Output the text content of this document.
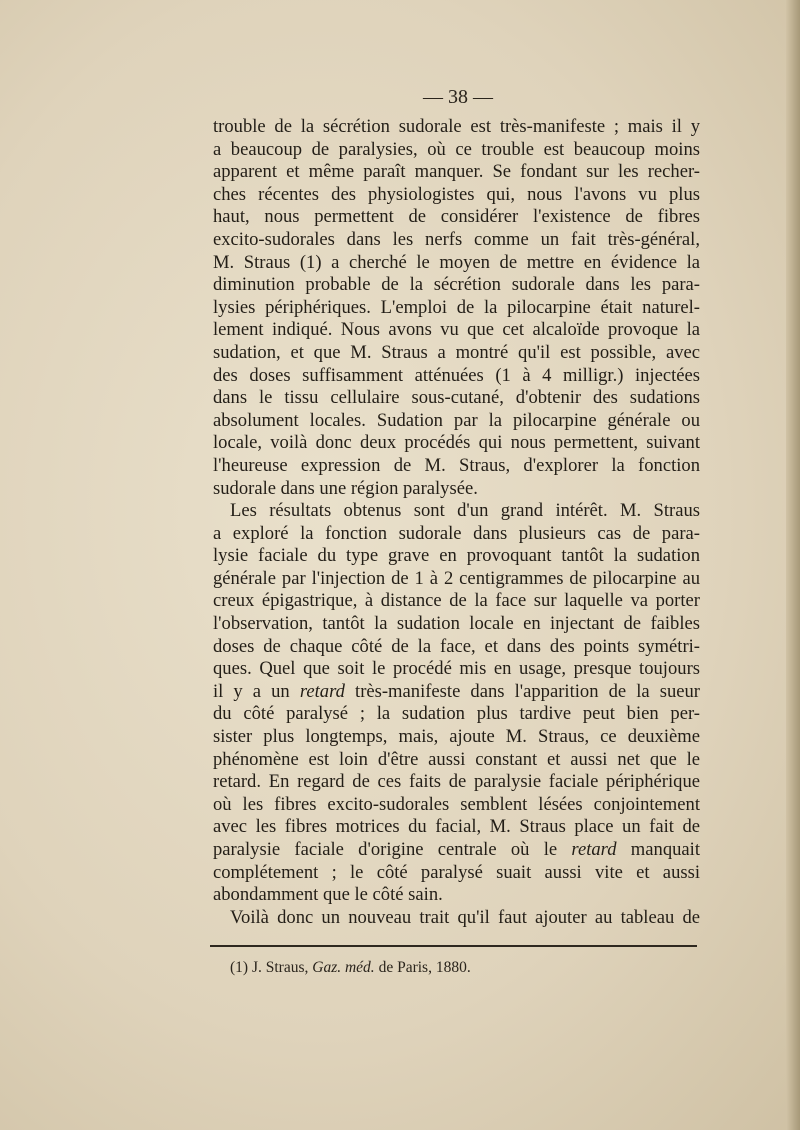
— 38 —
trouble de la sécrétion sudorale est très-manifeste ; mais il y
a beaucoup de paralysies, où ce trouble est beaucoup moins
apparent et même paraît manquer. Se fondant sur les recher-
ches récentes des physiologistes qui, nous l'avons vu plus
haut, nous permettent de considérer l'existence de fibres
excito-sudorales dans les nerfs comme un fait très-général,
M. Straus (1) a cherché le moyen de mettre en évidence la
diminution probable de la sécrétion sudorale dans les para-
lysies périphériques. L'emploi de la pilocarpine était naturel-
lement indiqué. Nous avons vu que cet alcaloïde provoque la
sudation, et que M. Straus a montré qu'il est possible, avec
des doses suffisamment atténuées (1 à 4 milligr.) injectées
dans le tissu cellulaire sous-cutané, d'obtenir des sudations
absolument locales. Sudation par la pilocarpine générale ou
locale, voilà donc deux procédés qui nous permettent, suivant
l'heureuse expression de M. Straus, d'explorer la fonction
sudorale dans une région paralysée.
Les résultats obtenus sont d'un grand intérêt. M. Straus
a exploré la fonction sudorale dans plusieurs cas de para-
lysie faciale du type grave en provoquant tantôt la sudation
générale par l'injection de 1 à 2 centigrammes de pilocarpine au
creux épigastrique, à distance de la face sur laquelle va porter
l'observation, tantôt la sudation locale en injectant de faibles
doses de chaque côté de la face, et dans des points symétri-
ques. Quel que soit le procédé mis en usage, presque toujours
il y a un retard très-manifeste dans l'apparition de la sueur
du côté paralysé ; la sudation plus tardive peut bien per-
sister plus longtemps, mais, ajoute M. Straus, ce deuxième
phénomène est loin d'être aussi constant et aussi net que le
retard. En regard de ces faits de paralysie faciale périphérique
où les fibres excito-sudorales semblent lésées conjointement
avec les fibres motrices du facial, M. Straus place un fait de
paralysie faciale d'origine centrale où le retard manquait
complétement ; le côté paralysé suait aussi vite et aussi
abondamment que le côté sain.
Voilà donc un nouveau trait qu'il faut ajouter au tableau de
(1) J. Straus, Gaz. méd. de Paris, 1880.
